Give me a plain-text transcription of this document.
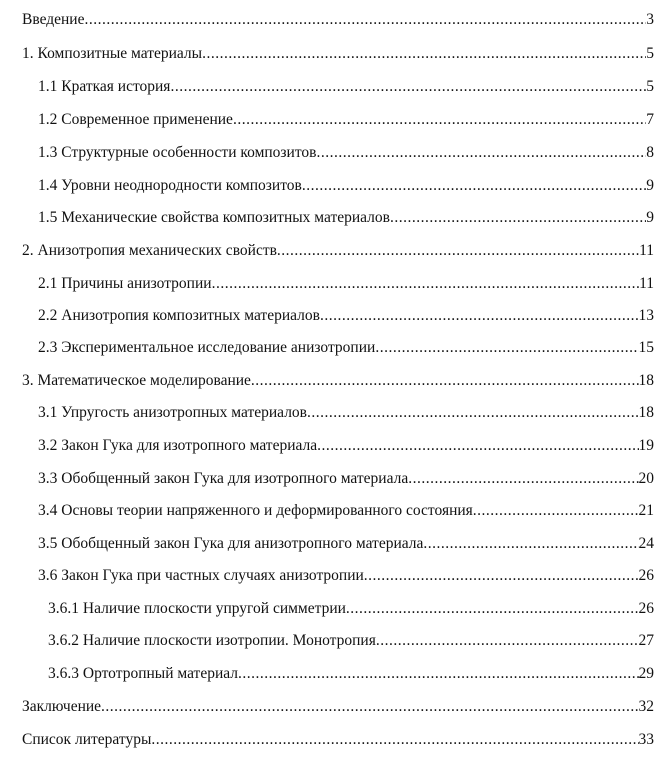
Введение .....	3
1. Композитные материалы .....	5
1.1 Краткая история .....	5
1.2 Современное применение .....	7
1.3 Структурные особенности композитов .....	8
1.4 Уровни неоднородности композитов .....	9
1.5 Механические свойства композитных материалов .....	9
2. Анизотропия механических свойств .....	11
2.1 Причины анизотропии .....	11
2.2 Анизотропия композитных материалов .....	13
2.3 Экспериментальное исследование анизотропии .....	15
3. Математическое моделирование .....	18
3.1 Упругость анизотропных материалов .....	18
3.2 Закон Гука для изотропного материала .....	19
3.3 Обобщенный закон Гука для изотропного материала .....	20
3.4 Основы теории напряженного и деформированного состояния .....	21
3.5 Обобщенный закон Гука для анизотропного материала .....	24
3.6 Закон Гука при частных случаях анизотропии .....	26
3.6.1 Наличие плоскости упругой симметрии .....	26
3.6.2 Наличие плоскости изотропии. Монотропия .....	27
3.6.3 Ортотропный материал .....	29
Заключение .....	32
Список литературы .....	33
